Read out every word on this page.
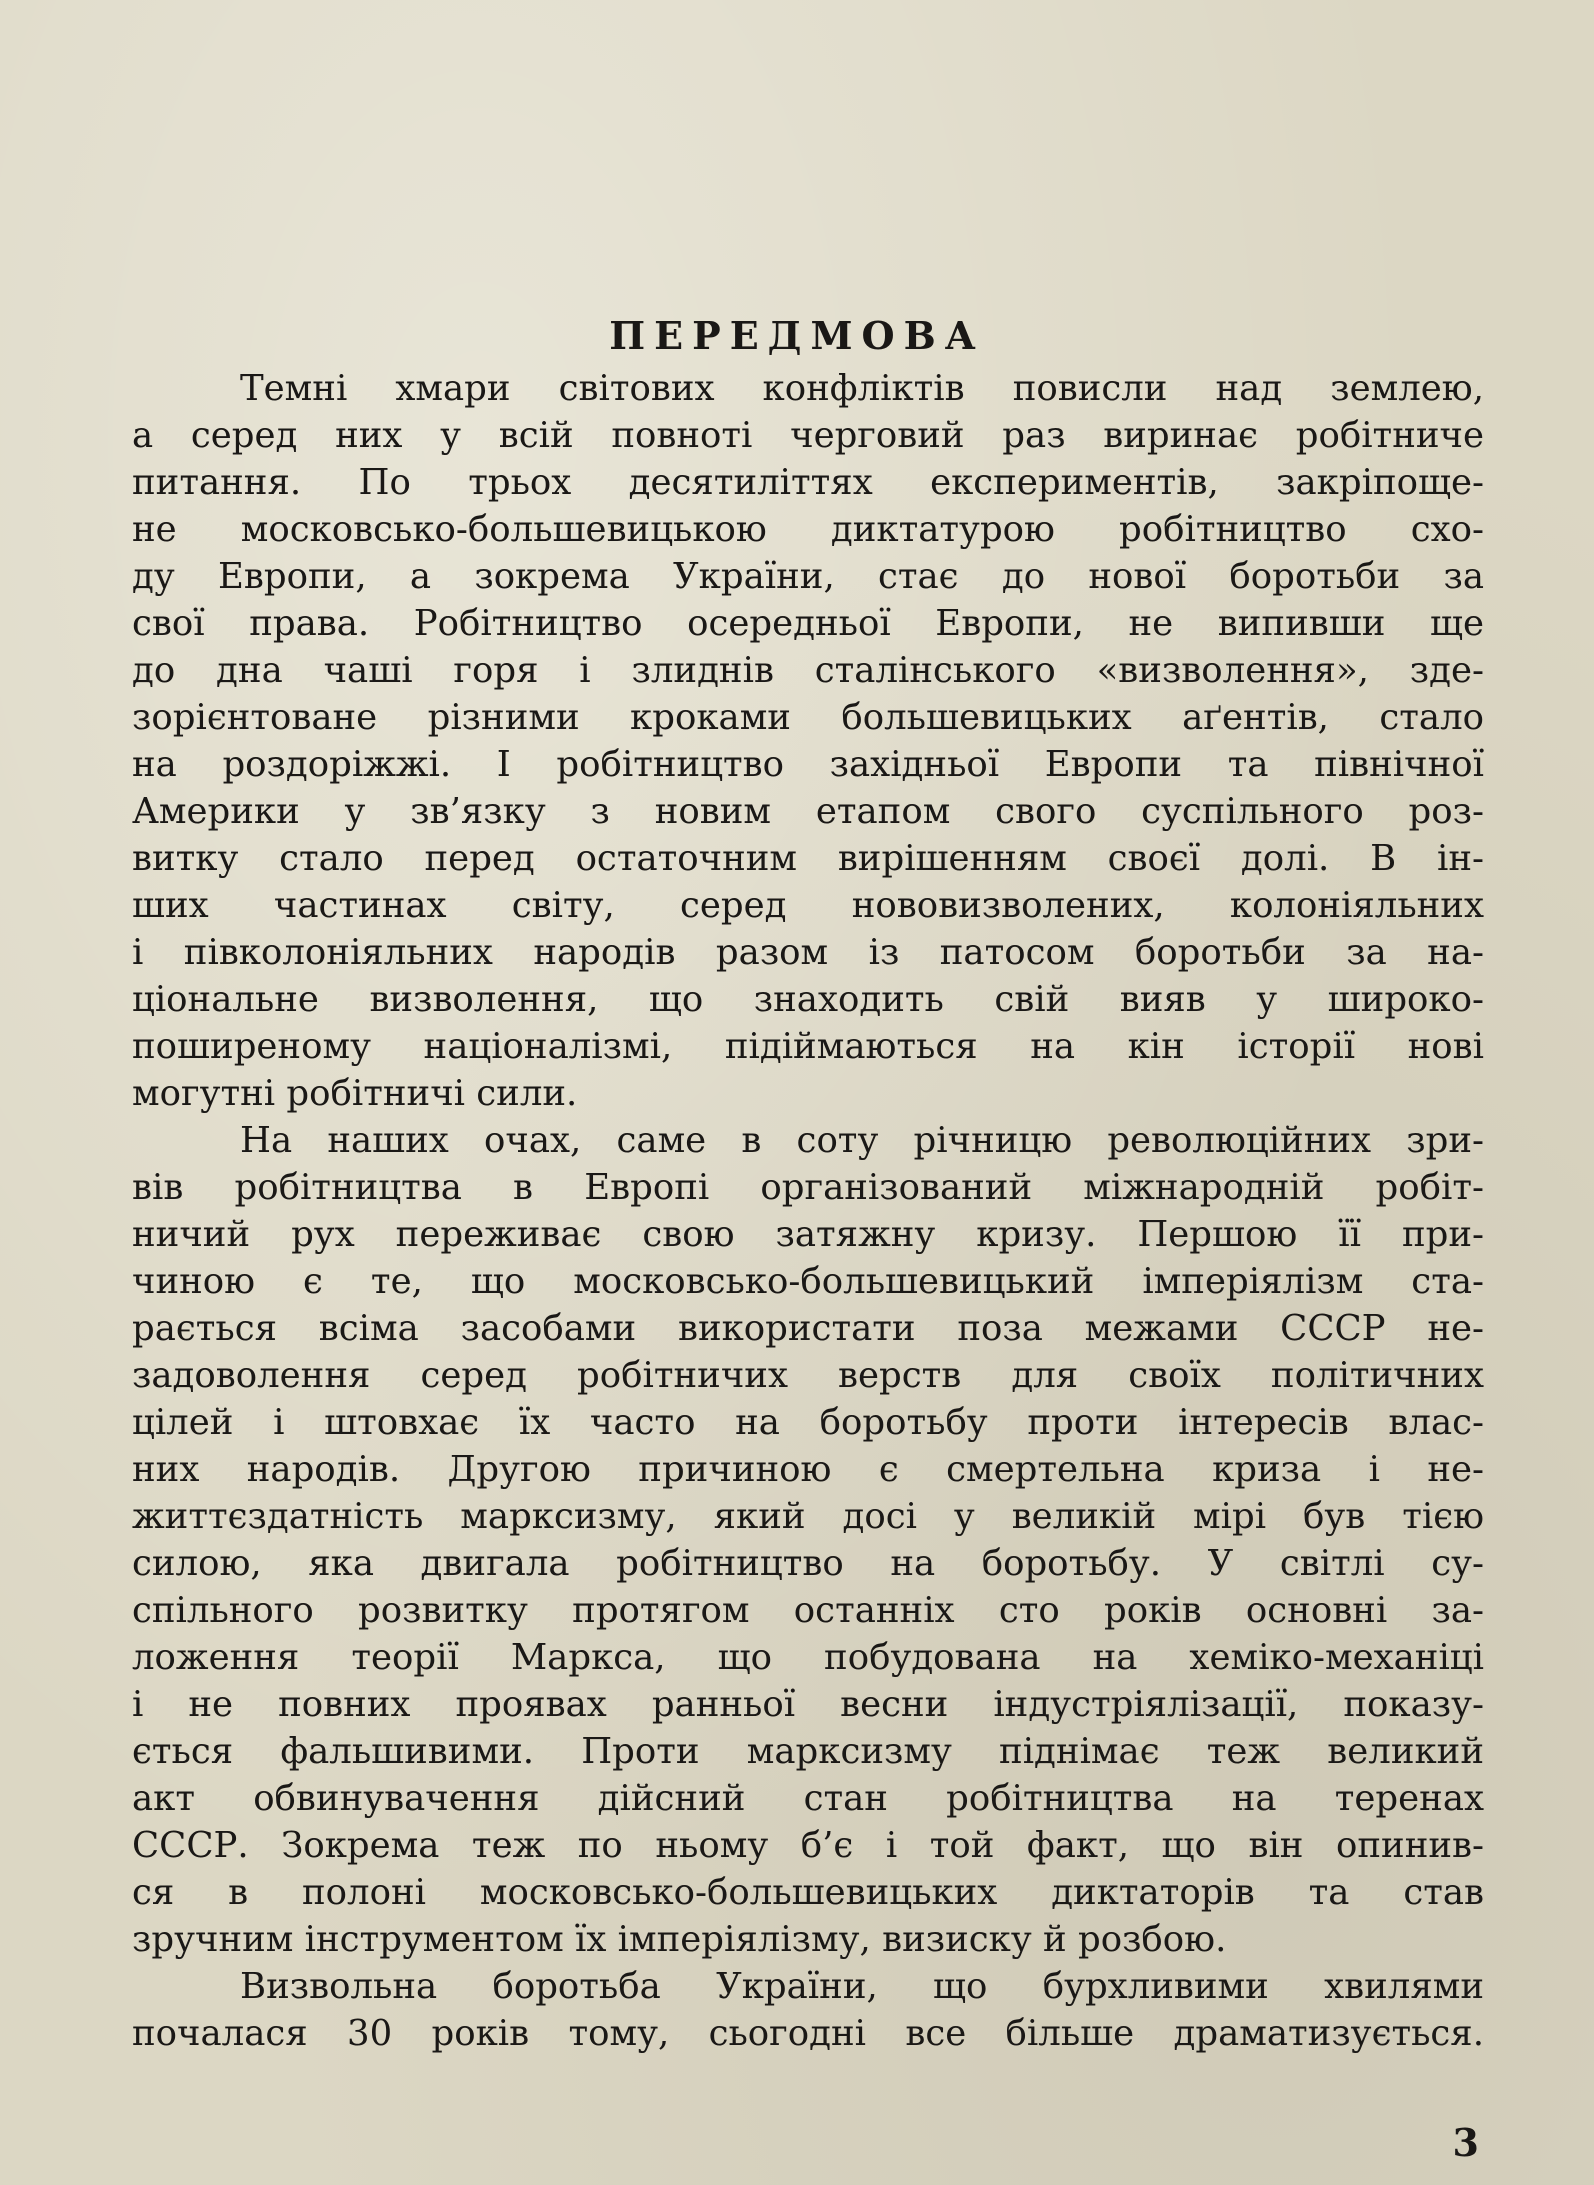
ПЕРЕДМОВА
Темні хмари світових конфліктів повисли над землею,
а серед них у всій повноті черговий раз виринає робітниче
питання. По трьох десятиліттях експериментів, закріпоще-
не московсько-большевицькою диктатурою робітництво схо-
ду Европи, а зокрема України, стає до нової боротьби за
свої права. Робітництво осередньої Европи, не випивши ще
до дна чаші горя і злиднів сталінського «визволення», зде-
зорієнтоване різними кроками большевицьких аґентів, стало
на роздоріжжі. І робітництво західньої Европи та північної
Америки у зв’язку з новим етапом свого суспільного роз-
витку стало перед остаточним вирішенням своєї долі. В ін-
ших частинах світу, серед нововизволених, колоніяльних
і півколоніяльних народів разом із патосом боротьби за на-
ціональне визволення, що знаходить свій вияв у широко-
поширеному націоналізмі, підіймаються на кін історії нові
могутні робітничі сили.
На наших очах, саме в соту річницю революційних зри-
вів робітництва в Европі організований міжнародній робіт-
ничий рух переживає свою затяжну кризу. Першою її при-
чиною є те, що московсько-большевицький імперіялізм ста-
рається всіма засобами використати поза межами СССР не-
задоволення серед робітничих верств для своїх політичних
цілей і штовхає їх часто на боротьбу проти інтересів влас-
них народів. Другою причиною є смертельна криза і не-
життєздатність марксизму, який досі у великій мірі був тією
силою, яка двигала робітництво на боротьбу. У світлі су-
спільного розвитку протягом останніх сто років основні за-
ложення теорії Маркса, що побудована на хеміко-механіці
і не повних проявах ранньої весни індустріялізації, показу-
ється фальшивими. Проти марксизму піднімає теж великий
акт обвинувачення дійсний стан робітництва на теренах
СССР. Зокрема теж по ньому б’є і той факт, що він опинив-
ся в полоні московсько-большевицьких диктаторів та став
зручним інструментом їх імперіялізму, визиску й розбою.
Визвольна боротьба України, що бурхливими хвилями
почалася 30 років тому, сьогодні все більше драматизується.
3
